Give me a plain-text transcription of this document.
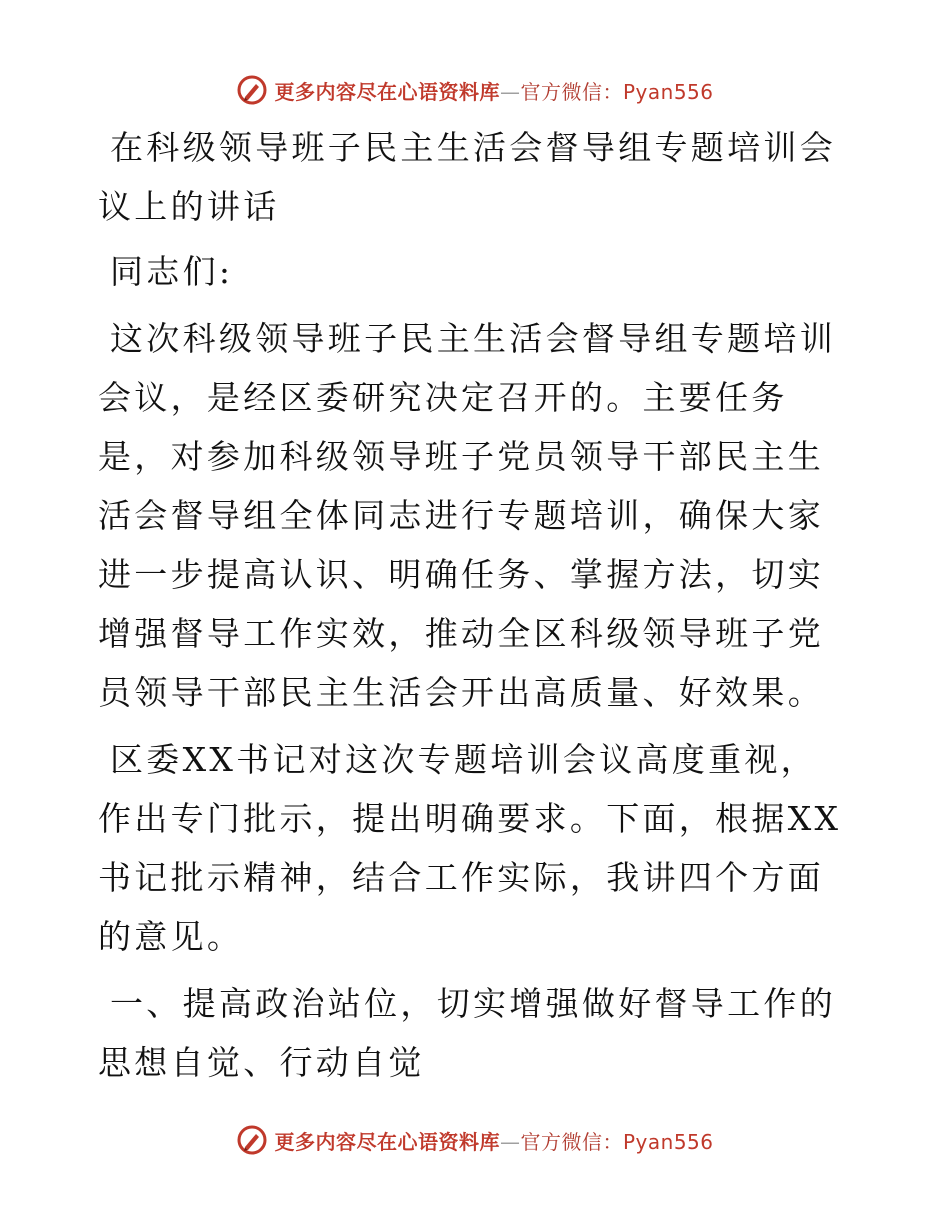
更多内容尽在心语资料库—官方微信：Pyan556

在科级领导班子民主生活会督导组专题培训会议上的讲话

同志们:

这次科级领导班子民主生活会督导组专题培训会议，是经区委研究决定召开的。主要任务是，对参加科级领导班子党员领导干部民主生活会督导组全体同志进行专题培训，确保大家进一步提高认识、明确任务、掌握方法，切实增强督导工作实效，推动全区科级领导班子党员领导干部民主生活会开出高质量、好效果。

区委XX书记对这次专题培训会议高度重视，作出专门批示，提出明确要求。下面，根据XX书记批示精神，结合工作实际，我讲四个方面的意见。

一、提高政治站位，切实增强做好督导工作的思想自觉、行动自觉

更多内容尽在心语资料库—官方微信：Pyan556
